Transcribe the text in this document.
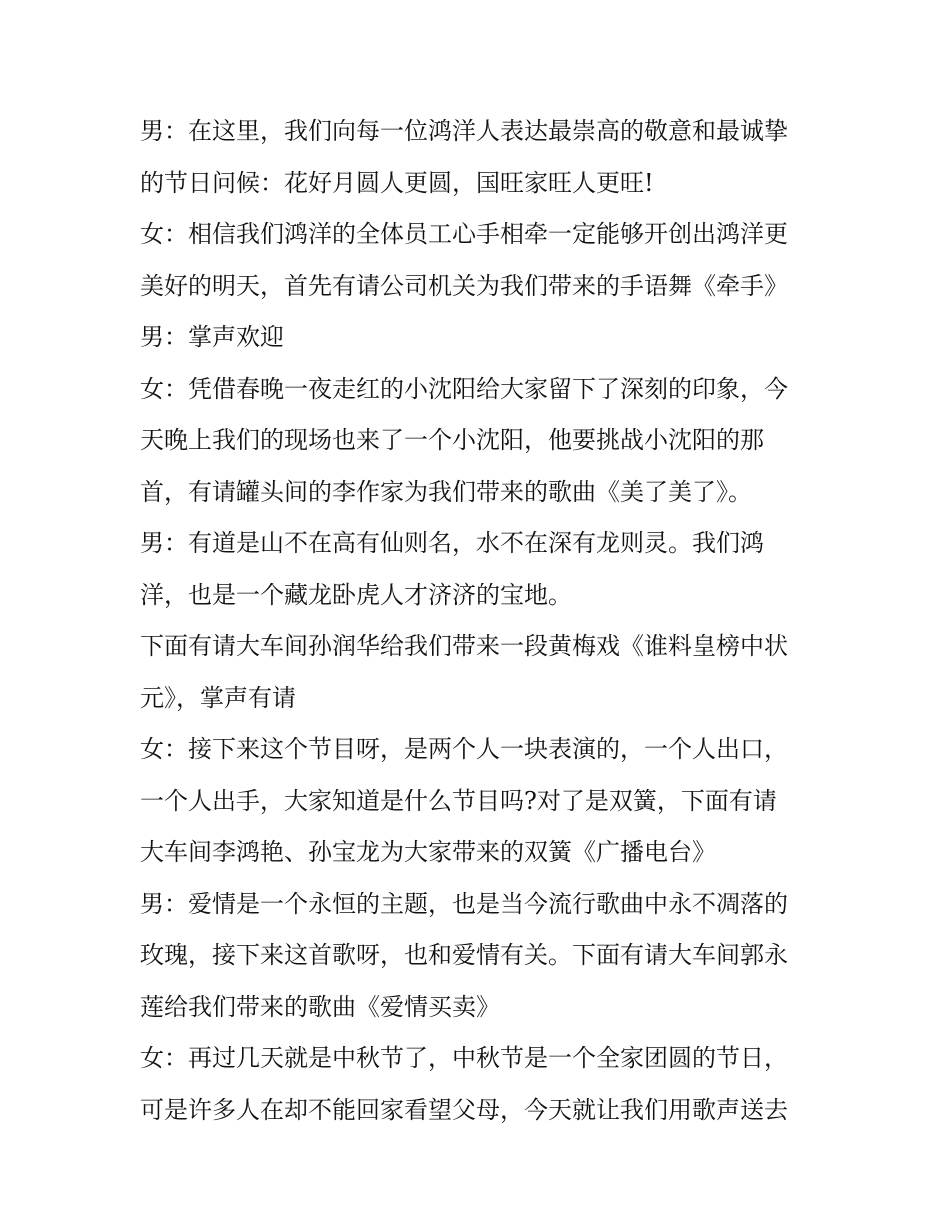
男：在这里，我们向每一位鸿洋人表达最崇高的敬意和最诚挚
的节日问候：花好月圆人更圆，国旺家旺人更旺!
女：相信我们鸿洋的全体员工心手相牵一定能够开创出鸿洋更
美好的明天，首先有请公司机关为我们带来的手语舞《牵手》
男：掌声欢迎
女：凭借春晚一夜走红的小沈阳给大家留下了深刻的印象，今
天晚上我们的现场也来了一个小沈阳，他要挑战小沈阳的那
首，有请罐头间的李作家为我们带来的歌曲《美了美了》。
男：有道是山不在高有仙则名，水不在深有龙则灵。我们鸿
洋，也是一个藏龙卧虎人才济济的宝地。
下面有请大车间孙润华给我们带来一段黄梅戏《谁料皇榜中状
元》，掌声有请
女：接下来这个节目呀，是两个人一块表演的，一个人出口，
一个人出手，大家知道是什么节目吗?对了是双簧，下面有请
大车间李鸿艳、孙宝龙为大家带来的双簧《广播电台》
男：爱情是一个永恒的主题，也是当今流行歌曲中永不凋落的
玫瑰，接下来这首歌呀，也和爱情有关。下面有请大车间郭永
莲给我们带来的歌曲《爱情买卖》
女：再过几天就是中秋节了，中秋节是一个全家团圆的节日，
可是许多人在却不能回家看望父母，今天就让我们用歌声送去
